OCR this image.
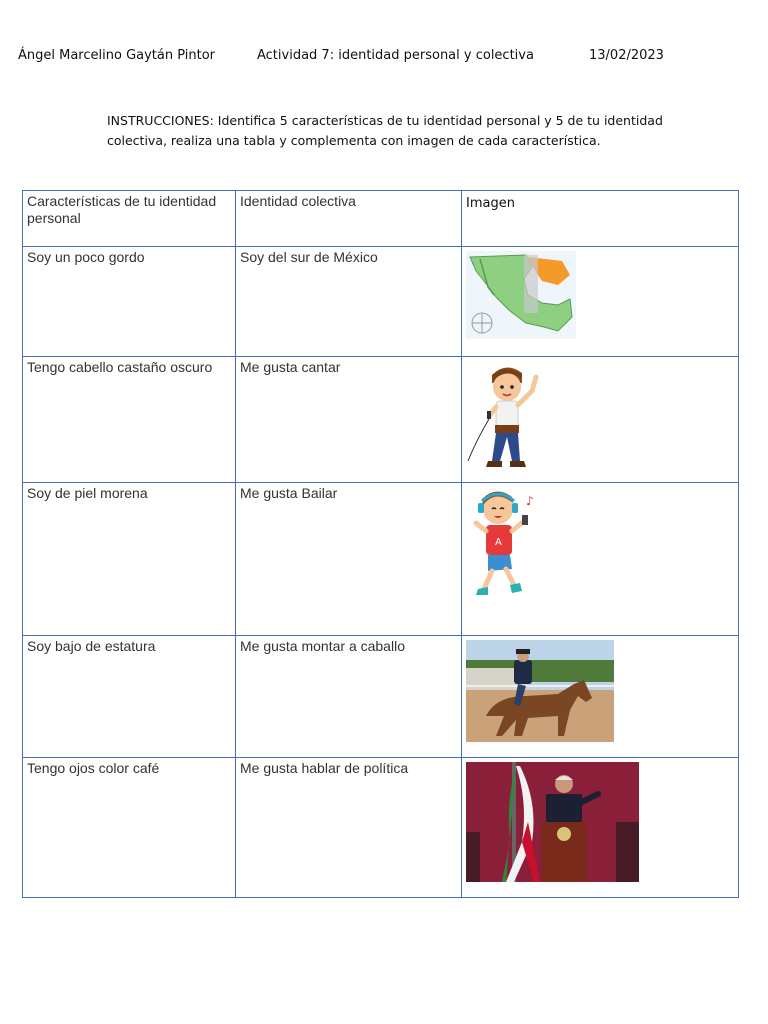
Ángel Marcelino Gaytán Pintor	Actividad 7: identidad personal y colectiva	13/02/2023
INSTRUCCIONES: Identifica 5 características de tu identidad personal y 5 de tu identidad colectiva, realiza una tabla y complementa con imagen de cada característica.
Características de tu identidad personal	Identidad colectiva	Imagen
Soy un poco gordo	Soy del sur de México	

Tengo cabello castaño oscuro	Me gusta cantar	

Soy de piel morena	Me gusta Bailar	A
♪

Soy bajo de estatura	Me gusta montar a caballo	

Tengo ojos color café	Me gusta hablar de política	
